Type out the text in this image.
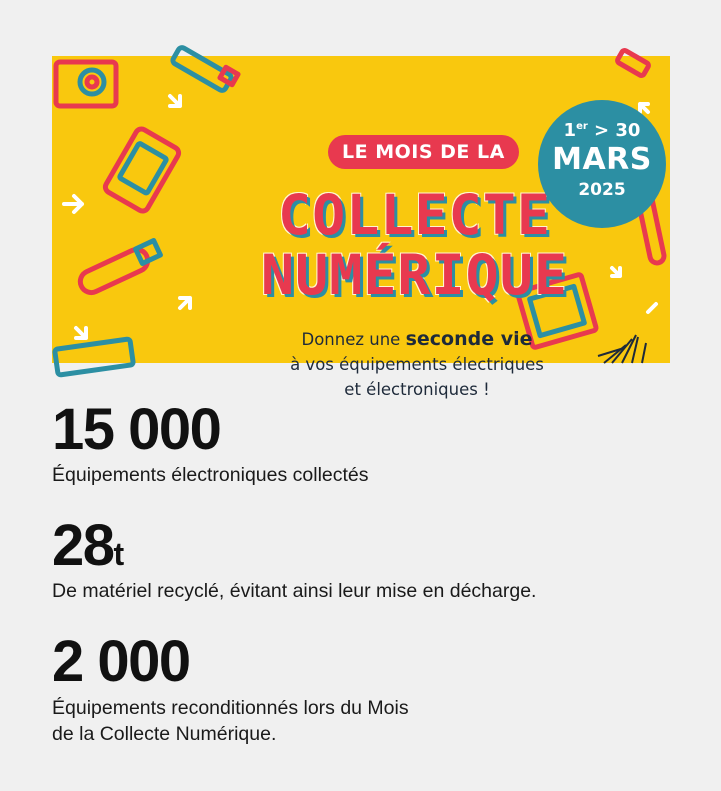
LE MOIS DE LA
COLLECTE
NUMÉRIQUE
Donnez une seconde vie
à vos équipements électriques
et électroniques !
1er > 30
MARS
2025
15 000
Équipements électroniques collectés
28t
De matériel recyclé, évitant ainsi leur mise en décharge.
2 000
Équipements reconditionnés lors du Mois
de la Collecte Numérique.
